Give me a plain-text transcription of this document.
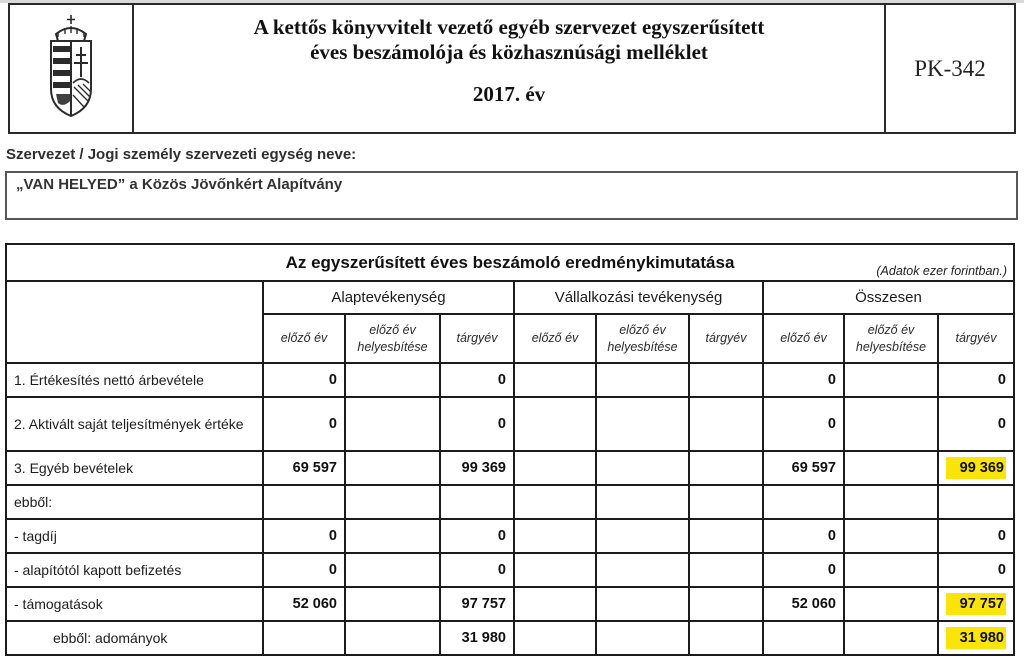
A kettős könyvvitelt vezető egyéb szervezet egyszerűsített
éves beszámolója és közhasznúsági melléklet
2017. év
PK-342
Szervezet / Jogi személy szervezeti egység neve:
„VAN HELYED” a Közös Jövőnkért Alapítvány
Az egyszerűsített éves beszámoló eredménykimutatása (Adatok ezer forintban.)									

	Alaptevékenység			Vállalkozási tevékenység			Összesen		
	előző év	előző év helyesbítése	tárgyév	előző év	előző év helyesbítése	tárgyév	előző év	előző év helyesbítése	tárgyév
1. Értékesítés nettó árbevétele	0		0				0		0
2. Aktivált saját teljesítmények értéke	0		0				0		0
3. Egyéb bevételek	69 597		99 369				69 597		99 369
ebből:									
- tagdíj	0		0				0		0
- alapítótól kapott befizetés	0		0				0		0
- támogatások	52 060		97 757				52 060		97 757
ebből: adományok			31 980						31 980
